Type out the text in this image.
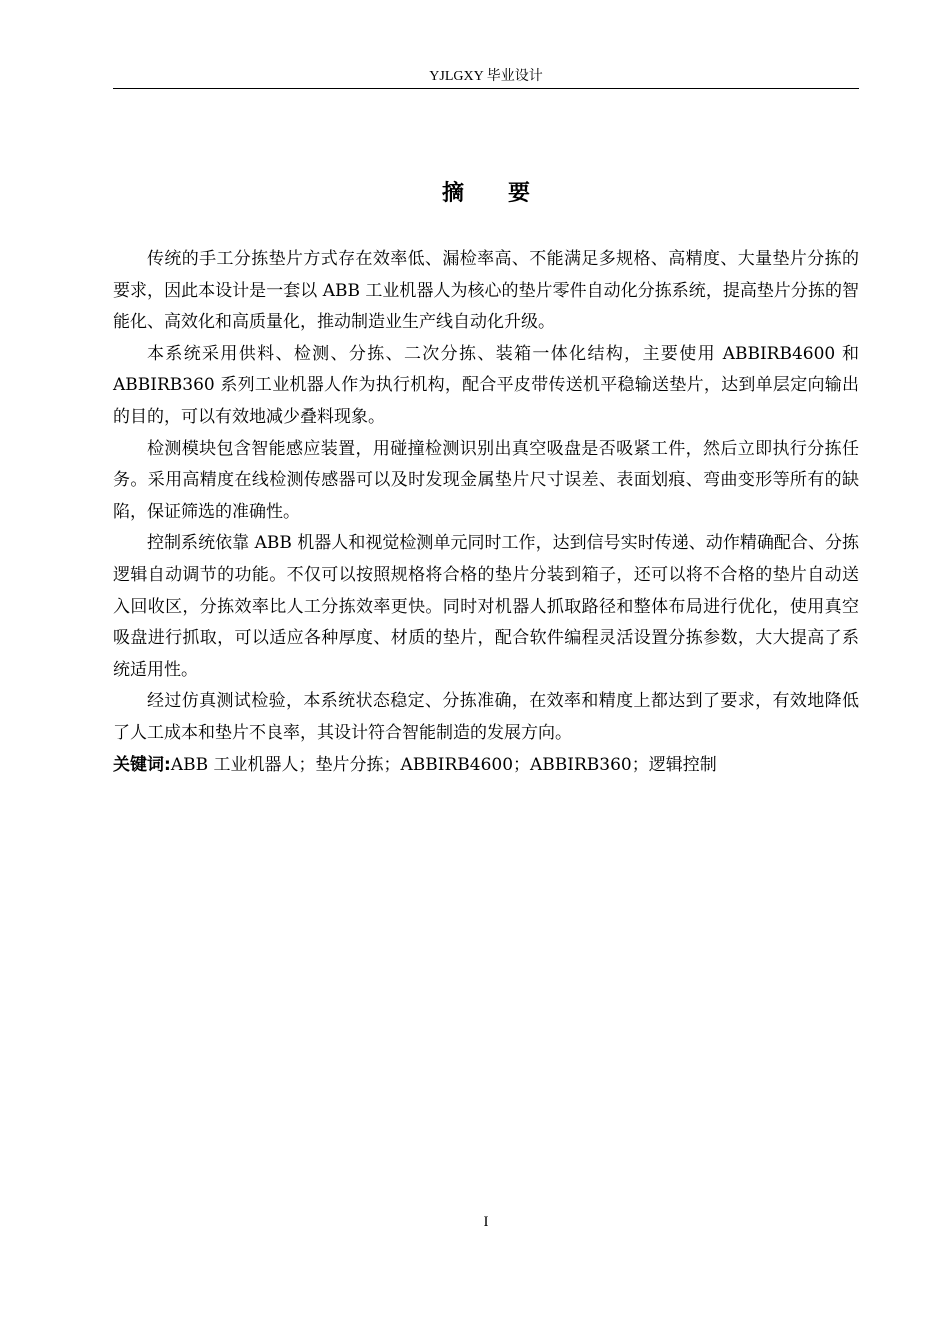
YJLGXY 毕业设计
摘 要

传统的手工分拣垫片方式存在效率低、漏检率高、不能满足多规格、高精度、大量垫片分拣的要求，因此本设计是一套以 ABB 工业机器人为核心的垫片零件自动化分拣系统，提高垫片分拣的智能化、高效化和高质量化，推动制造业生产线自动化升级。

本系统采用供料、检测、分拣、二次分拣、装箱一体化结构，主要使用 ABBIRB4600 和 ABBIRB360 系列工业机器人作为执行机构，配合平皮带传送机平稳输送垫片，达到单层定向输出的目的，可以有效地减少叠料现象。

检测模块包含智能感应装置，用碰撞检测识别出真空吸盘是否吸紧工件，然后立即执行分拣任务。采用高精度在线检测传感器可以及时发现金属垫片尺寸误差、表面划痕、弯曲变形等所有的缺陷，保证筛选的准确性。

控制系统依靠 ABB 机器人和视觉检测单元同时工作，达到信号实时传递、动作精确配合、分拣逻辑自动调节的功能。不仅可以按照规格将合格的垫片分装到箱子，还可以将不合格的垫片自动送入回收区，分拣效率比人工分拣效率更快。同时对机器人抓取路径和整体布局进行优化，使用真空吸盘进行抓取，可以适应各种厚度、材质的垫片，配合软件编程灵活设置分拣参数，大大提高了系统适用性。

经过仿真测试检验，本系统状态稳定、分拣准确，在效率和精度上都达到了要求，有效地降低了人工成本和垫片不良率，其设计符合智能制造的发展方向。

关键词:ABB 工业机器人；垫片分拣；ABBIRB4600；ABBIRB360；逻辑控制
I
